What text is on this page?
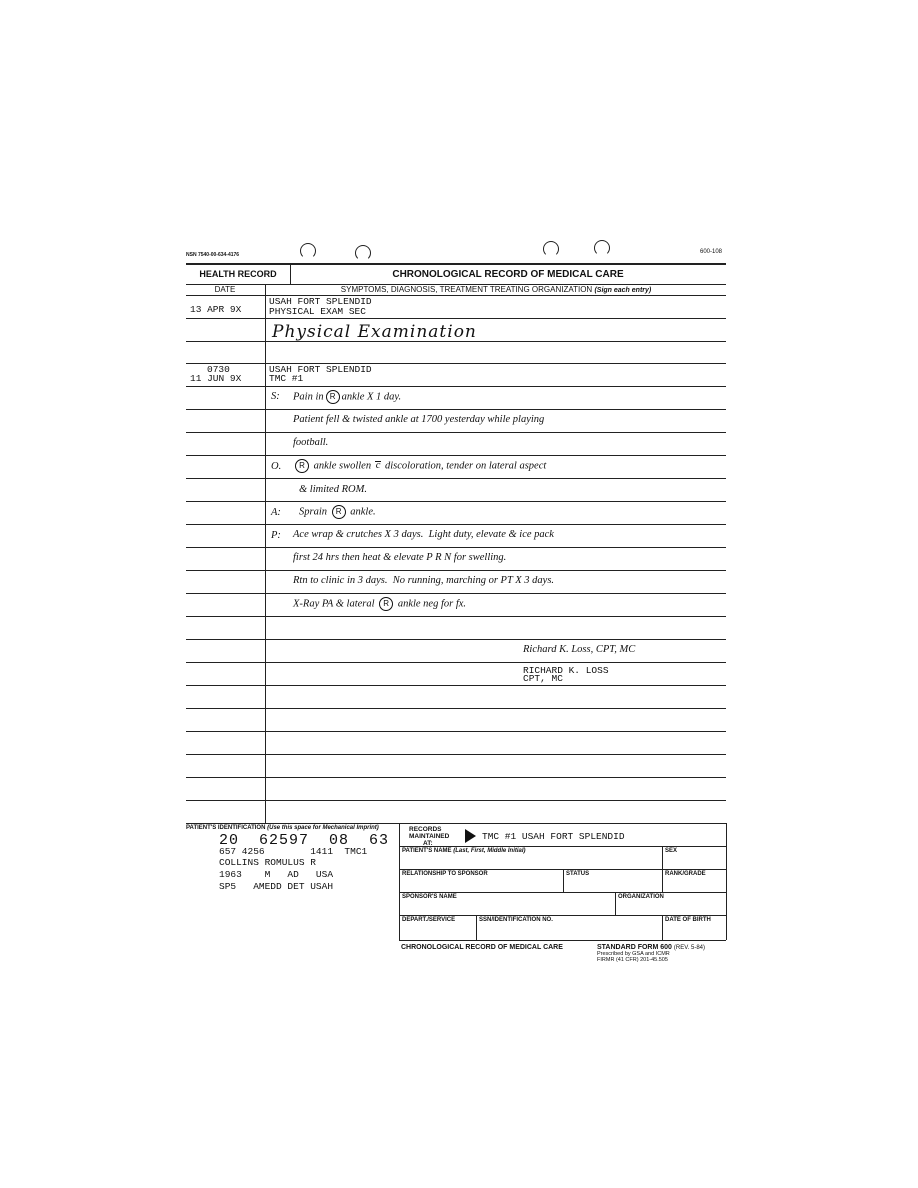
NSN 7540-00-634-4176	600-108
HEALTH RECORD	CHRONOLOGICAL RECORD OF MEDICAL CARE
DATE	SYMPTOMS, DIAGNOSIS, TREATMENT TREATING ORGANIZATION (Sign each entry)
13 APR 9X
USAH FORT SPLENDID
PHYSICAL EXAM SEC
Physical Examination
0730
11 JUN 9X
USAH FORT SPLENDID
TMC #1
S: Pain in R ankle X 1 day.
Patient fell & twisted ankle at 1700 yesterday while playing
football.
O.	R ankle swollen c discoloration, tender on lateral aspect
& limited ROM.
A: Sprain R ankle.
P: Ace wrap & crutches X 3 days.  Light duty, elevate & ice pack
first 24 hrs then heat & elevate P R N for swelling.
Rtn to clinic in 3 days.  No running, marching or PT X 3 days.
X-Ray PA & lateral R ankle neg for fx.
Richard K. Loss, CPT, MC
RICHARD K. LOSS
CPT, MC
PATIENT'S IDENTIFICATION (Use this space for Mechanical Imprint)
20  62597  08  63
657 4256        1411  TMC1
COLLINS ROMULUS R
1963    M   AD   USA
SP5   AMEDD DET USAH
RECORDS
MAINTAINED
AT:
TMC #1 USAH FORT SPLENDID
PATIENT'S NAME (Last, First, Middle Initial)	SEX
RELATIONSHIP TO SPONSOR	STATUS	RANK/GRADE
SPONSOR'S NAME	ORGANIZATION
DEPART./SERVICE	SSN/IDENTIFICATION NO.	DATE OF BIRTH
CHRONOLOGICAL RECORD OF MEDICAL CARE	STANDARD FORM 600 (REV. 5-84)
Prescribed by GSA and ICMR
FIRMR (41 CFR) 201-45.505
